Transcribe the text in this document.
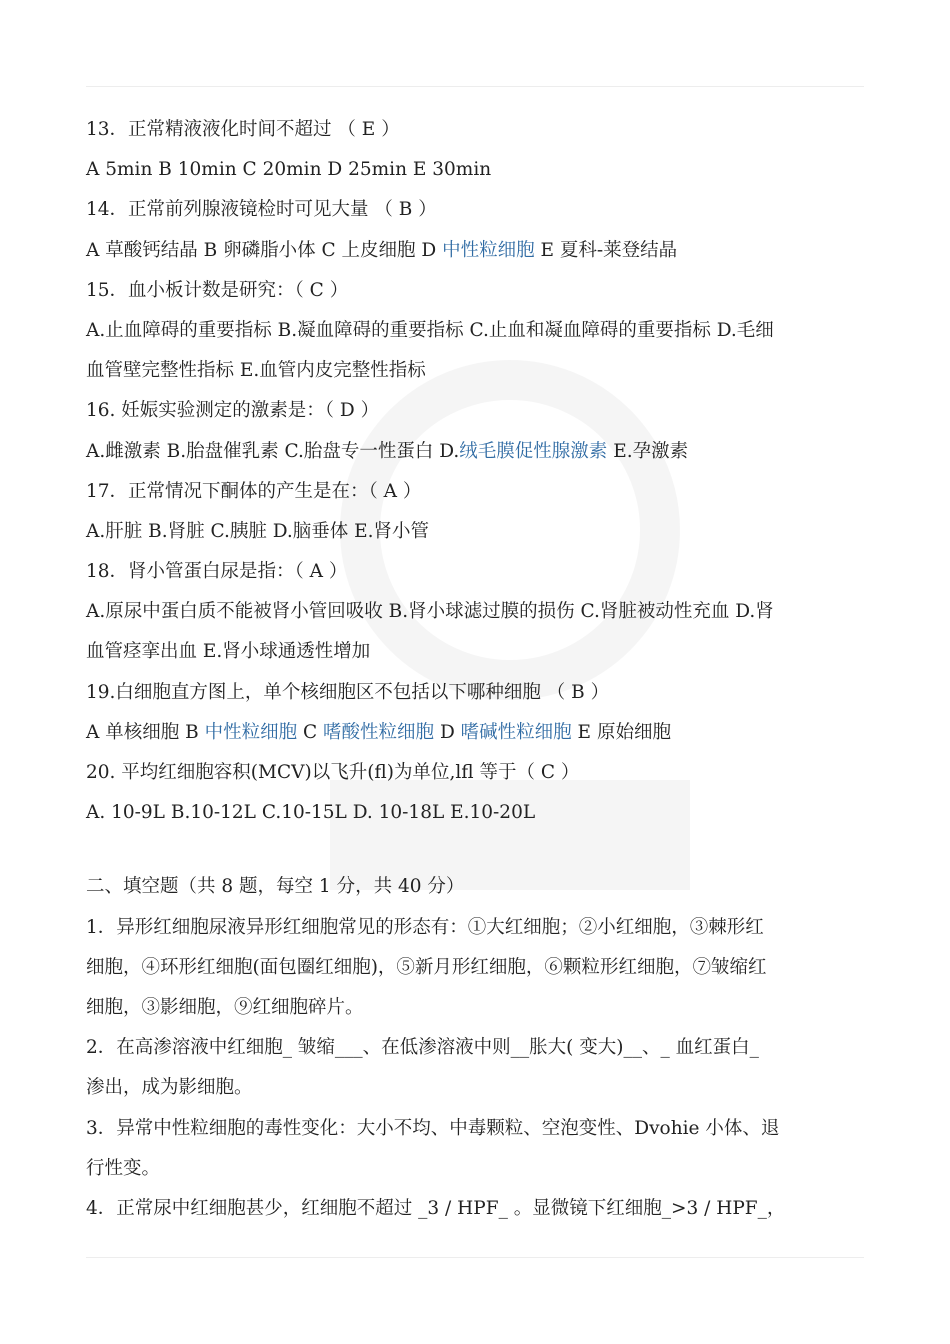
13．正常精液液化时间不超过 （ E ）
A 5min B 10min C 20min D 25min E 30min
14．正常前列腺液镜检时可见大量 （ B ）
A 草酸钙结晶 B 卵磷脂小体 C 上皮细胞 D 中性粒细胞 E 夏科-莱登结晶
15．血小板计数是研究：（ C ）
A.止血障碍的重要指标 B.凝血障碍的重要指标 C.止血和凝血障碍的重要指标 D.毛细
血管壁完整性指标 E.血管内皮完整性指标
16. 妊娠实验测定的激素是：（ D ）
A.雌激素 B.胎盘催乳素 C.胎盘专一性蛋白 D.绒毛膜促性腺激素 E.孕激素
17．正常情况下酮体的产生是在：（ A ）
A.肝脏 B.肾脏 C.胰脏 D.脑垂体 E.肾小管
18．肾小管蛋白尿是指：（ A ）
A.原尿中蛋白质不能被肾小管回吸收 B.肾小球滤过膜的损伤 C.肾脏被动性充血 D.肾
血管痉挛出血 E.肾小球通透性增加
19.白细胞直方图上，单个核细胞区不包括以下哪种细胞 （ B ）
A 单核细胞 B 中性粒细胞 C 嗜酸性粒细胞 D 嗜碱性粒细胞 E 原始细胞
20. 平均红细胞容积(MCV)以飞升(fl)为单位,lfl 等于（ C ）
A. 10-9L B.10-12L C.10-15L D. 10-18L E.10-20L
二、填空题（共 8 题，每空 1 分，共 40 分）
1．异形红细胞尿液异形红细胞常见的形态有：①大红细胞；②小红细胞，③棘形红
细胞，④环形红细胞(面包圈红细胞)，⑤新月形红细胞，⑥颗粒形红细胞，⑦皱缩红
细胞，③影细胞，⑨红细胞碎片。
2．在高渗溶液中红细胞_ 皱缩___、在低渗溶液中则__胀大( 变大)__、_ 血红蛋白_
渗出，成为影细胞。
3．异常中性粒细胞的毒性变化：大小不均、中毒颗粒、空泡变性、Dvohie 小体、退
行性变。
4．正常尿中红细胞甚少，红细胞不超过 _3 / HPF_ 。显微镜下红细胞_>3 / HPF_，
